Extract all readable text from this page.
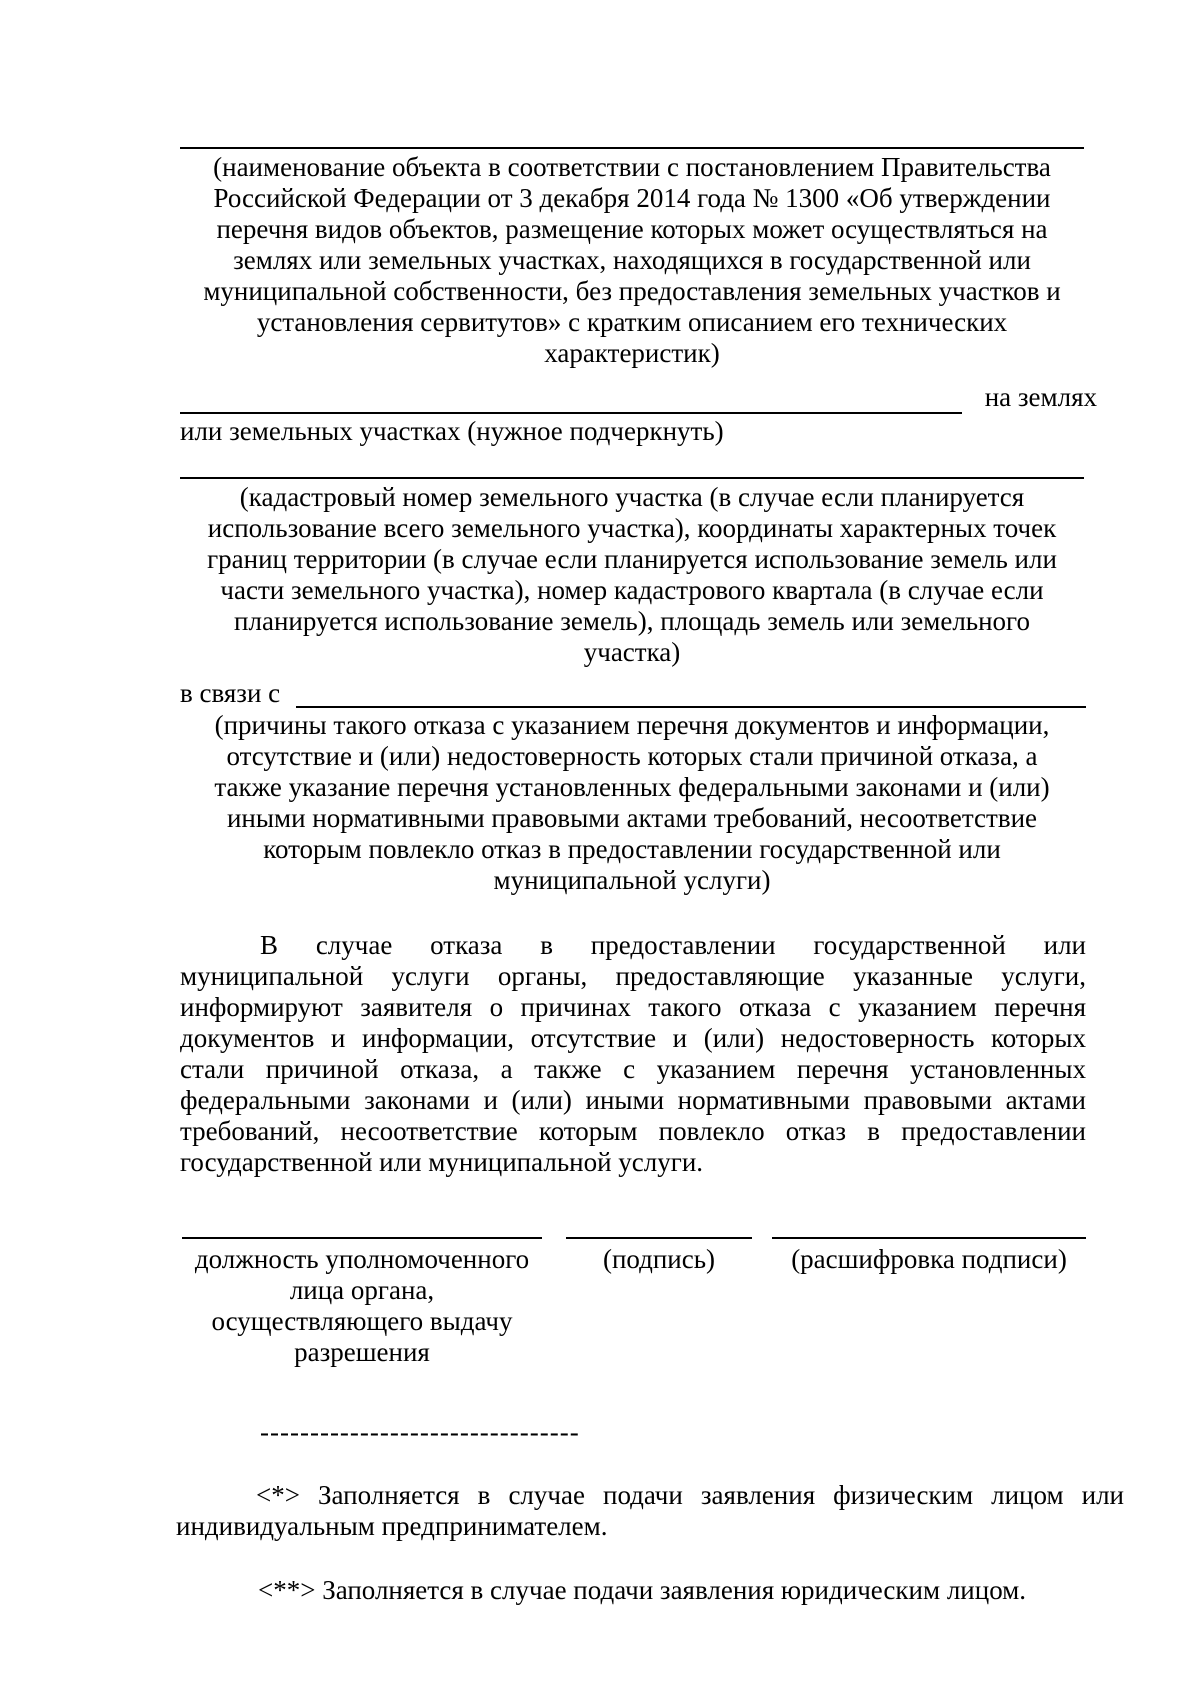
(наименование объекта в соответствии с постановлением Правительства
Российской Федерации от 3 декабря 2014 года № 1300 «Об утверждении
перечня видов объектов, размещение которых может осуществляться на
землях или земельных участках, находящихся в государственной или
муниципальной собственности, без предоставления земельных участков и
установления сервитутов» с кратким описанием его технических
характеристик)
на землях
или земельных участках (нужное подчеркнуть)
(кадастровый номер земельного участка (в случае если планируется
использование всего земельного участка), координаты характерных точек
границ территории (в случае если планируется использование земель или
части земельного участка), номер кадастрового квартала (в случае если
планируется использование земель), площадь земель или земельного
участка)
в связи с
(причины такого отказа с указанием перечня документов и информации,
отсутствие и (или) недостоверность которых стали причиной отказа, а
также указание перечня установленных федеральными законами и (или)
иными нормативными правовыми актами требований, несоответствие
которым повлекло отказ в предоставлении государственной или
муниципальной услуги)

В случае отказа в предоставлении государственной или

муниципальной услуги органы, предоставляющие указанные услуги,

информируют заявителя о причинах такого отказа с указанием перечня

документов и информации, отсутствие и (или) недостоверность которых

стали причиной отказа, а также с указанием перечня установленных

федеральными законами и (или) иными нормативными правовыми актами

требований, несоответствие которым повлекло отказ в предоставлении

государственной или муниципальной услуги.

должность уполномоченного
лица органа,
осуществляющего выдачу
разрешения
(подпись)	(расшифровка подписи)
--------------------------------

<*> Заполняется в случае подачи заявления физическим лицом или

индивидуальным предпринимателем.

<**> Заполняется в случае подачи заявления юридическим лицом.
